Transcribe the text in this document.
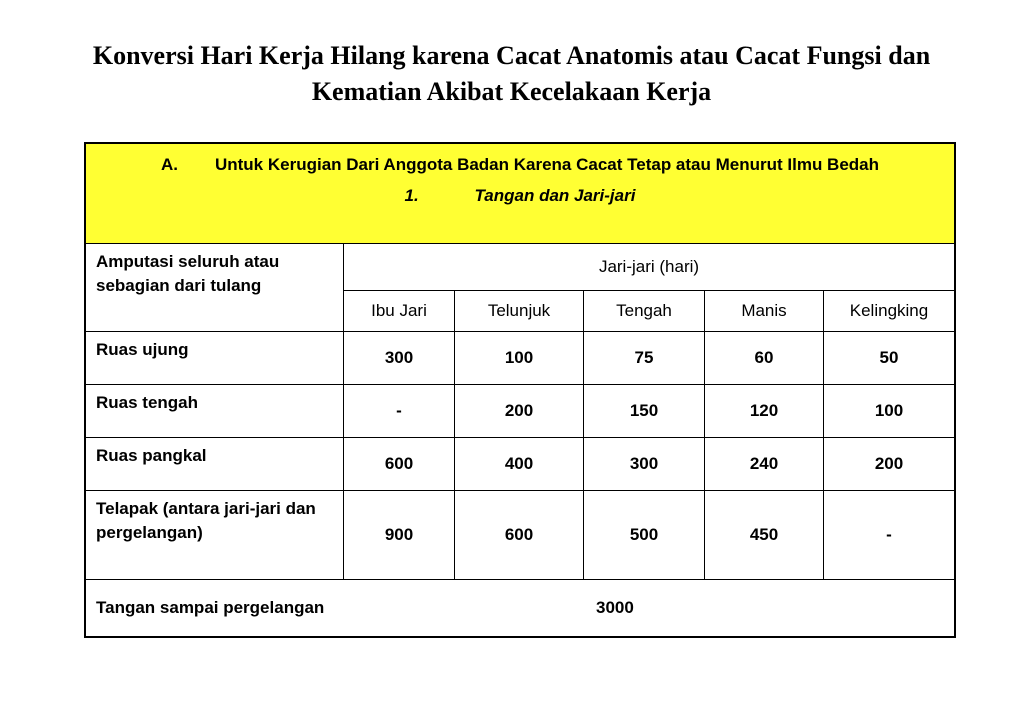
Konversi Hari Kerja Hilang karena Cacat Anatomis atau Cacat Fungsi dan Kematian Akibat Kecelakaan Kerja
A. Untuk Kerugian Dari Anggota Badan Karena Cacat Tetap atau Menurut Ilmu Bedah
1. Tangan dan Jari-jari					

Amputasi seluruh atau sebagian dari tulang	Jari-jari (hari)				
	Ibu Jari	Telunjuk	Tengah	Manis	Kelingking
Ruas ujung	300	100	75	60	50
Ruas tengah	-	200	150	120	100
Ruas pangkal	600	400	300	240	200
Telapak (antara jari-jari dan pergelangan)	900	600	500	450	-
Tangan sampai pergelangan 3000					
